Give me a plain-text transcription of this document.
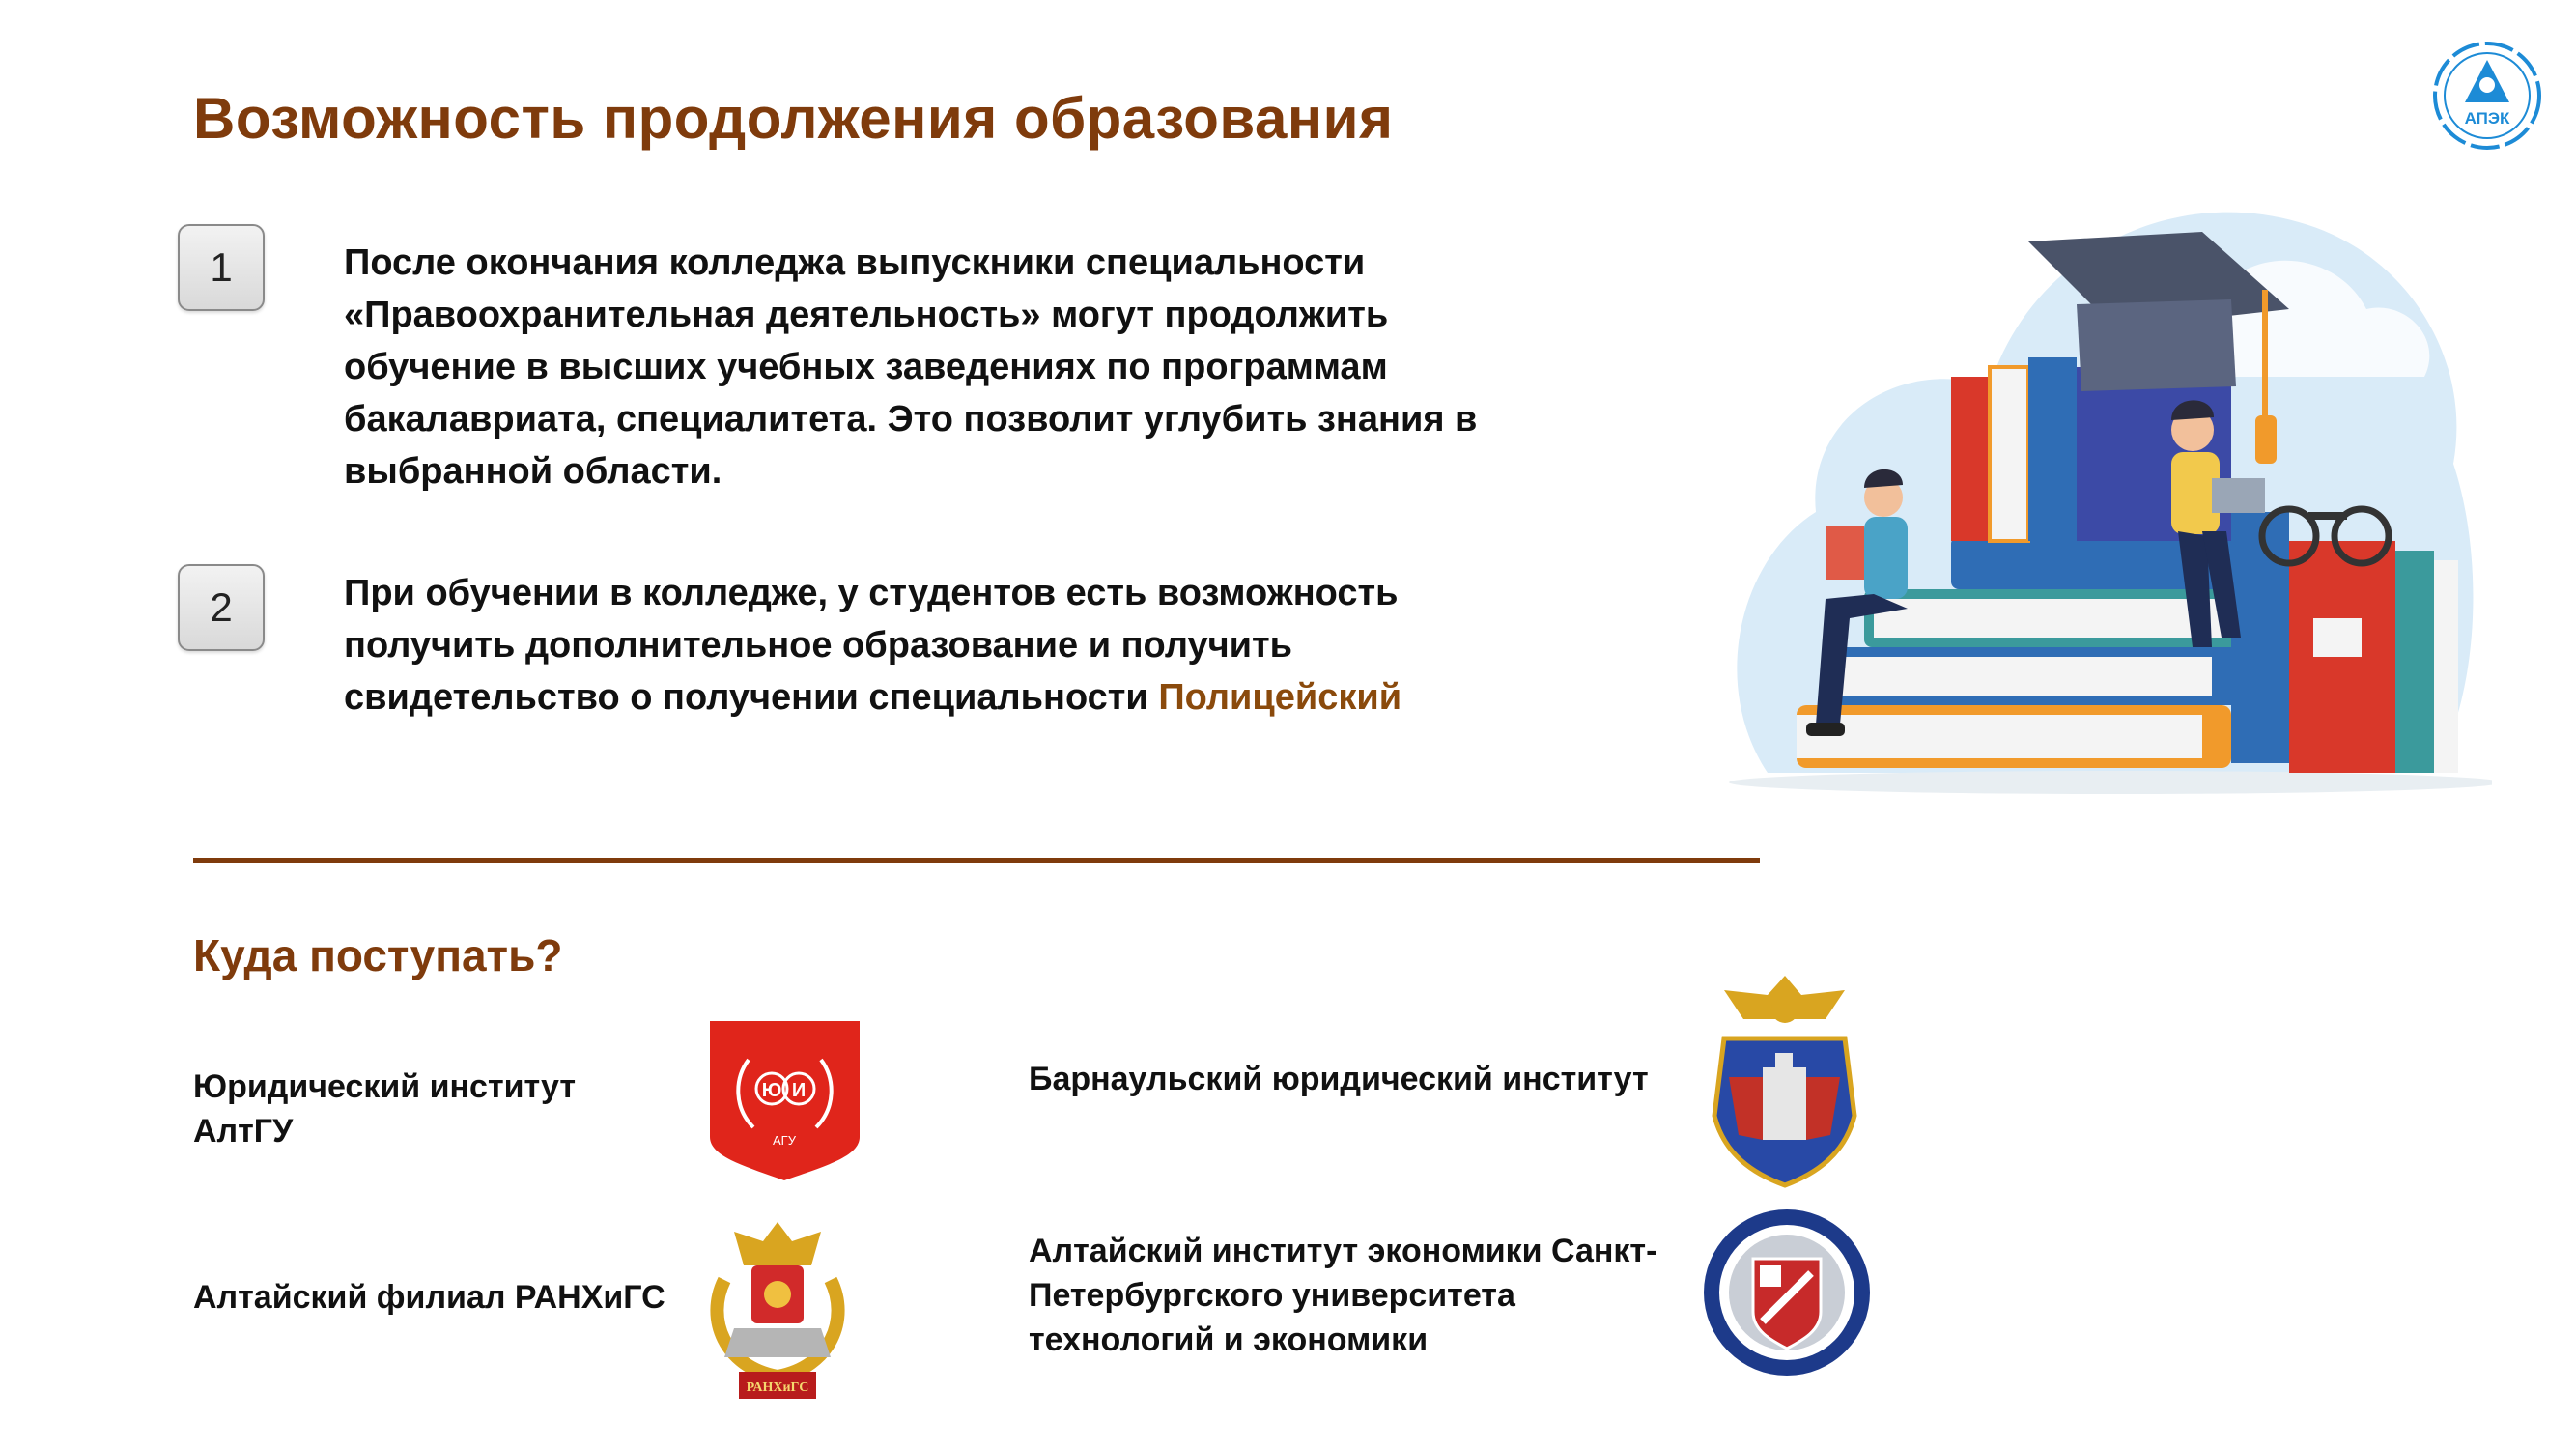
Возможность продолжения образования	АПЭК
1	После окончания колледжа выпускники специальности «Правоохранительная деятельность» могут продолжить обучение в высших учебных заведениях по программам бакалавриата, специалитета. Это позволит углубить знания в выбранной области.
2	При обучении в колледже, у студентов есть возможность получить дополнительное образование и получить свидетельство о получении специальности Полицейский
Куда поступать?
Юридический институт АлтГУ
Ю И
АГУ
Барнаульский юридический институт
Алтайский филиал РАНХиГС
РАНХиГС
Алтайский институт экономики Санкт-Петербургского университета технологий и экономики
